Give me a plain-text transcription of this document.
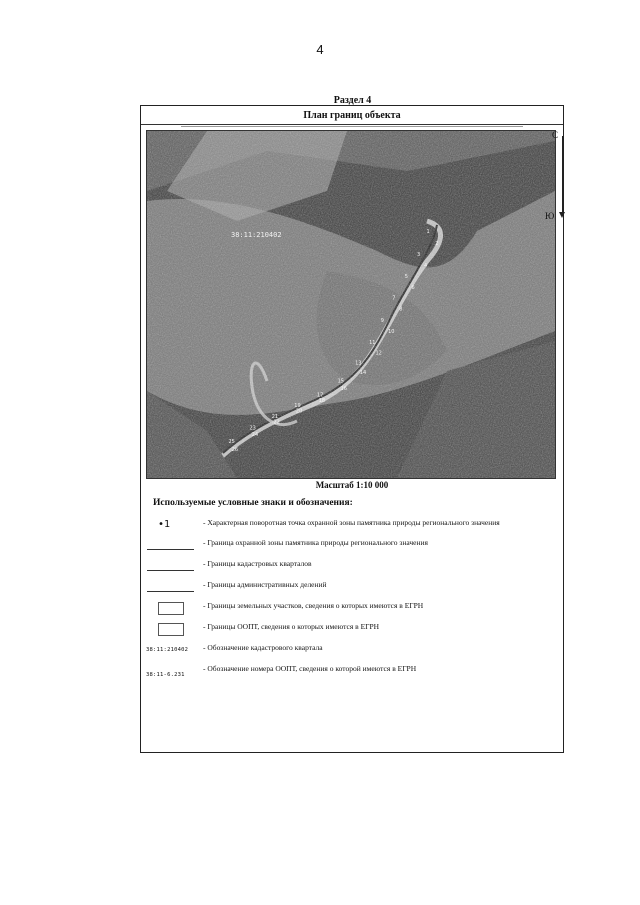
4
Раздел 4
План границ объекта
38:11:210402	1
2
3
4
5
6
7
8
9
10
11
12
13
14
15
16
17
18
19
20
21
22
23
24
25
26
С
Ю
Масштаб 1:10 000
Используемые условные знаки и обозначения:
•1	- Характерная поворотная точка охранной зоны памятника природы регионального значения
- Граница охранной зоны памятника природы регионального значения
- Границы кадастровых кварталов
- Границы административных делений
- Границы земельных участков, сведения о которых имеются в ЕГРН
- Границы ООПТ, сведения о которых имеются в ЕГРН
38:11:210402 - Обозначение кадастрового квартала
38:11-6.231
- Обозначение номера ООПТ, сведения о которой имеются в ЕГРН
